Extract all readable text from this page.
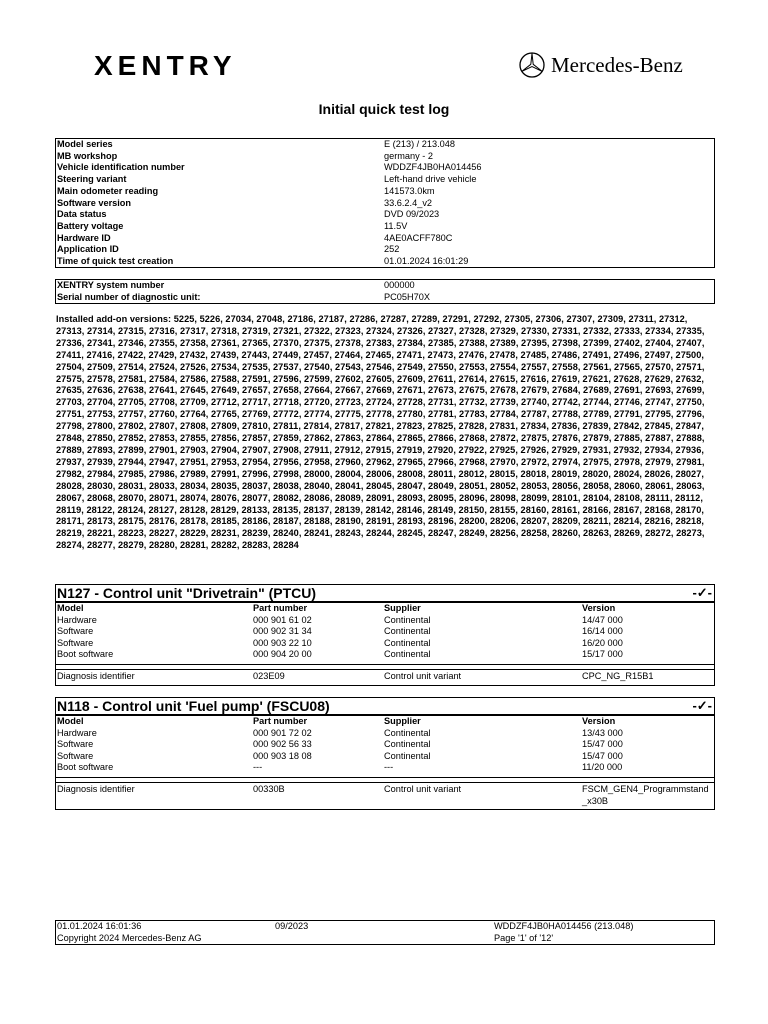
XENTRY	Mercedes-Benz
Initial quick test log
Model series	E (213) / 213.048
MB workshop	germany - 2
Vehicle identification number	WDDZF4JB0HA014456
Steering variant	Left-hand drive vehicle
Main odometer reading	141573.0km
Software version	33.6.2.4_v2
Data status	DVD 09/2023
Battery voltage	11.5V
Hardware ID	4AE0ACFF780C
Application ID	252
Time of quick test creation	01.01.2024 16:01:29
XENTRY system number	000000
Serial number of diagnostic unit:	PC05H70X
Installed add-on versions: 5225, 5226, 27034, 27048, 27186, 27187, 27286, 27287, 27289, 27291, 27292, 27305, 27306, 27307, 27309, 27311, 27312, 27313, 27314, 27315, 27316, 27317, 27318, 27319, 27321, 27322, 27323, 27324, 27326, 27327, 27328, 27329, 27330, 27331, 27332, 27333, 27334, 27335, 27336, 27341, 27346, 27355, 27358, 27361, 27365, 27370, 27375, 27378, 27383, 27384, 27385, 27388, 27389, 27395, 27398, 27399, 27402, 27404, 27407, 27411, 27416, 27422, 27429, 27432, 27439, 27443, 27449, 27457, 27464, 27465, 27471, 27473, 27476, 27478, 27485, 27486, 27491, 27496, 27497, 27500, 27504, 27509, 27514, 27524, 27526, 27534, 27535, 27537, 27540, 27543, 27546, 27549, 27550, 27553, 27554, 27557, 27558, 27561, 27565, 27570, 27571, 27575, 27578, 27581, 27584, 27586, 27588, 27591, 27596, 27599, 27602, 27605, 27609, 27611, 27614, 27615, 27616, 27619, 27621, 27628, 27629, 27632, 27635, 27636, 27638, 27641, 27645, 27649, 27657, 27658, 27664, 27667, 27669, 27671, 27673, 27675, 27678, 27679, 27684, 27689, 27691, 27693, 27699, 27703, 27704, 27705, 27708, 27709, 27712, 27717, 27718, 27720, 27723, 27724, 27728, 27731, 27732, 27739, 27740, 27742, 27744, 27746, 27747, 27750, 27751, 27753, 27757, 27760, 27764, 27765, 27769, 27772, 27774, 27775, 27778, 27780, 27781, 27783, 27784, 27787, 27788, 27789, 27791, 27795, 27796, 27798, 27800, 27802, 27807, 27808, 27809, 27810, 27811, 27814, 27817, 27821, 27823, 27825, 27828, 27831, 27834, 27836, 27839, 27842, 27845, 27847, 27848, 27850, 27852, 27853, 27855, 27856, 27857, 27859, 27862, 27863, 27864, 27865, 27866, 27868, 27872, 27875, 27876, 27879, 27885, 27887, 27888, 27889, 27893, 27899, 27901, 27903, 27904, 27907, 27908, 27911, 27912, 27915, 27919, 27920, 27922, 27925, 27926, 27929, 27931, 27932, 27934, 27936, 27937, 27939, 27944, 27947, 27951, 27953, 27954, 27956, 27958, 27960, 27962, 27965, 27966, 27968, 27970, 27972, 27974, 27975, 27978, 27979, 27981, 27982, 27984, 27985, 27986, 27989, 27991, 27996, 27998, 28000, 28004, 28006, 28008, 28011, 28012, 28015, 28018, 28019, 28020, 28024, 28026, 28027, 28028, 28030, 28031, 28033, 28034, 28035, 28037, 28038, 28040, 28041, 28045, 28047, 28049, 28051, 28052, 28053, 28056, 28058, 28060, 28061, 28063, 28067, 28068, 28070, 28071, 28074, 28076, 28077, 28082, 28086, 28089, 28091, 28093, 28095, 28096, 28098, 28099, 28101, 28104, 28108, 28111, 28112, 28119, 28122, 28124, 28127, 28128, 28129, 28133, 28135, 28137, 28139, 28142, 28146, 28149, 28150, 28155, 28160, 28161, 28166, 28167, 28168, 28170, 28171, 28173, 28175, 28176, 28178, 28185, 28186, 28187, 28188, 28190, 28191, 28193, 28196, 28200, 28206, 28207, 28209, 28211, 28214, 28216, 28218, 28219, 28221, 28223, 28227, 28229, 28231, 28239, 28240, 28241, 28243, 28244, 28245, 28247, 28249, 28256, 28258, 28260, 28263, 28269, 28272, 28273, 28274, 28277, 28279, 28280, 28281, 28282, 28283, 28284
N127 - Control unit "Drivetrain" (PTCU)	-✓-
Model	Part number	Supplier	Version
Hardware	000 901 61 02	Continental	14/47 000
Software	000 902 31 34	Continental	16/14 000
Software	000 903 22 10	Continental	16/20 000
Boot software	000 904 20 00	Continental	15/17 000
Diagnosis identifier	023E09	Control unit variant	CPC_NG_R15B1
N118 - Control unit 'Fuel pump' (FSCU08)	-✓-
Model	Part number	Supplier	Version
Hardware	000 901 72 02	Continental	13/43 000
Software	000 902 56 33	Continental	15/47 000
Software	000 903 18 08	Continental	15/47 000
Boot software	---	---	11/20 000
Diagnosis identifier	00330B	Control unit variant	FSCM_GEN4_Programmstand_x30B
01.01.2024 16:01:36	09/2023	WDDZF4JB0HA014456 (213.048)
Copyright 2024 Mercedes-Benz AG	Page '1' of '12'
